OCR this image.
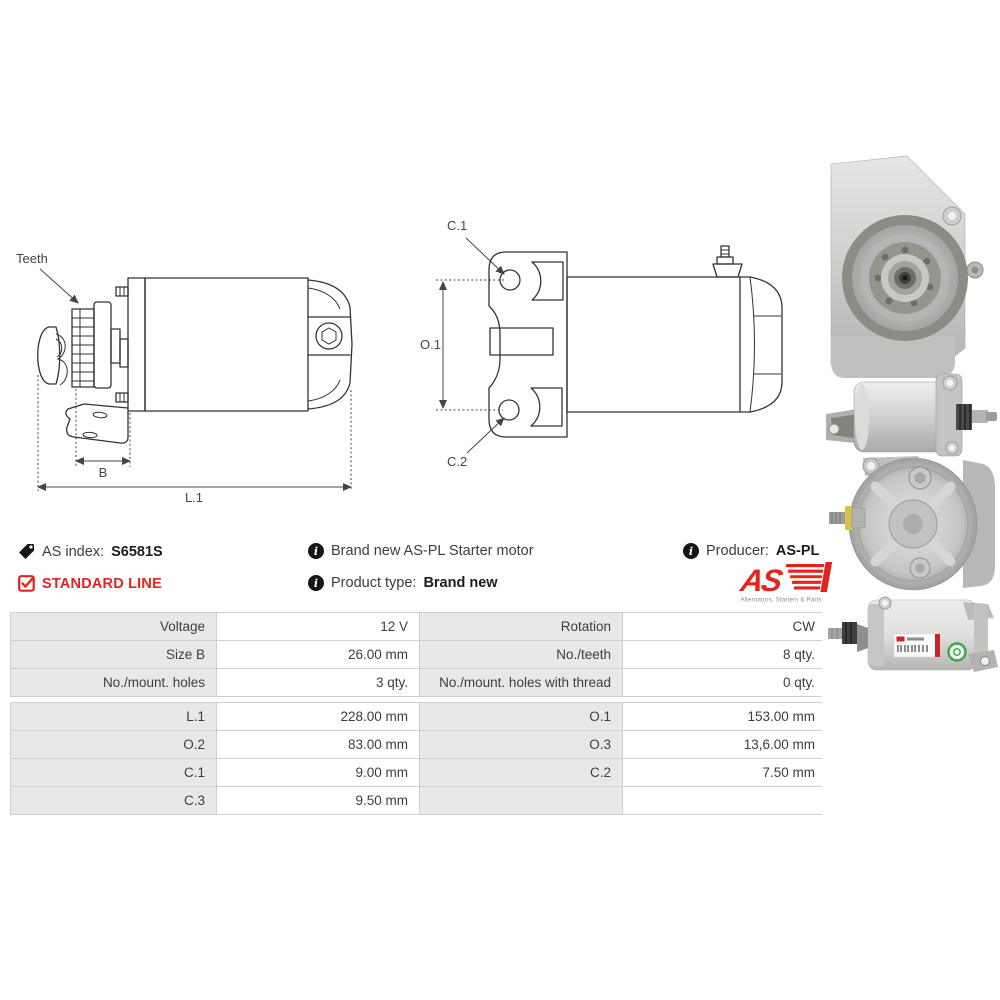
Teeth
B
L.1
C.1
O.1
C.2
AS index: S6581S	i Brand new AS-PL Starter motor	i Producer: AS-PL
STANDARD LINE	i Product type: Brand new	AS
Alternators, Starters & Parts
Voltage	12 V	Rotation	CW
Size B	26.00 mm	No./teeth	8 qty.
No./mount. holes	3 qty.	No./mount. holes with thread	0 qty.
L.1	228.00 mm	O.1	153.00 mm
O.2	83.00 mm	O.3	13,6.00 mm
C.1	9.00 mm	C.2	7.50 mm
C.3	9.50 mm
